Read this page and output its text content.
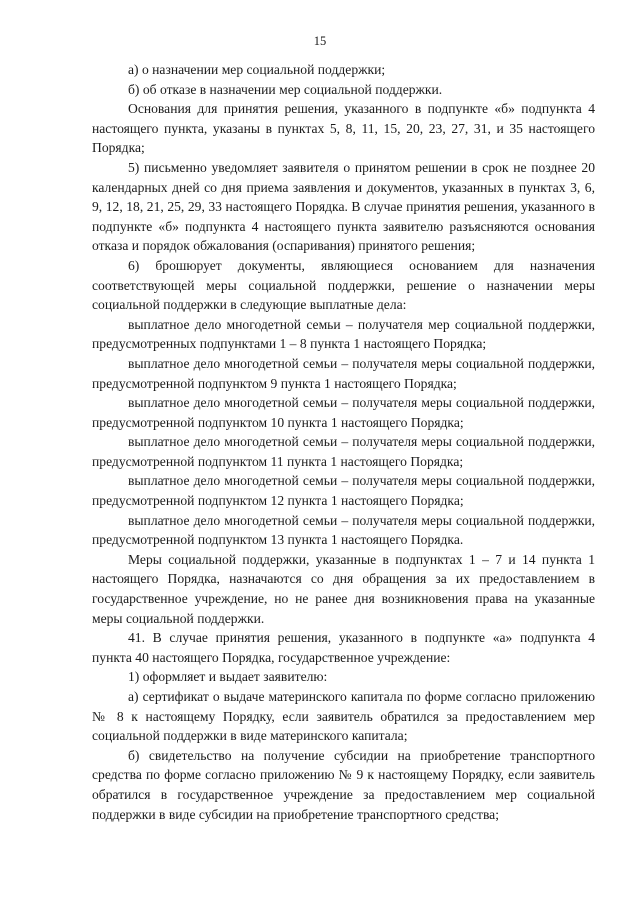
15

а) о назначении мер социальной поддержки;

б) об отказе в назначении мер социальной поддержки.

Основания для принятия решения, указанного в подпункте «б» подпункта 4 настоящего пункта, указаны в пунктах 5, 8, 11, 15, 20, 23, 27, 31, и 35 настоящего Порядка;

5) письменно уведомляет заявителя о принятом решении в срок не позднее 20 календарных дней со дня приема заявления и документов, указанных в пунктах 3, 6, 9, 12, 18, 21, 25, 29, 33 настоящего Порядка. В случае принятия решения, указанного в подпункте «б» подпункта 4 настоящего пункта заявителю разъясняются основания отказа и порядок обжалования (оспаривания) принятого решения;

6) брошюрует документы, являющиеся основанием для назначения соответствующей меры социальной поддержки, решение о назначении меры социальной поддержки в следующие выплатные дела:

выплатное дело многодетной семьи – получателя мер социальной поддержки, предусмотренных подпунктами 1 – 8 пункта 1 настоящего Порядка;

выплатное дело многодетной семьи – получателя меры социальной поддержки, предусмотренной подпунктом 9 пункта 1 настоящего Порядка;

выплатное дело многодетной семьи – получателя меры социальной поддержки, предусмотренной подпунктом 10 пункта 1 настоящего Порядка;

выплатное дело многодетной семьи – получателя меры социальной поддержки, предусмотренной подпунктом 11 пункта 1 настоящего Порядка;

выплатное дело многодетной семьи – получателя меры социальной поддержки, предусмотренной подпунктом 12 пункта 1 настоящего Порядка;

выплатное дело многодетной семьи – получателя меры социальной поддержки, предусмотренной подпунктом 13 пункта 1 настоящего Порядка.

Меры социальной поддержки, указанные в подпунктах 1 – 7 и 14 пункта 1 настоящего Порядка, назначаются со дня обращения за их предоставлением в государственное учреждение, но не ранее дня возникновения права на указанные меры социальной поддержки.

41. В случае принятия решения, указанного в подпункте «а» подпункта 4 пункта 40 настоящего Порядка, государственное учреждение:

1) оформляет и выдает заявителю:

а) сертификат о выдаче материнского капитала по форме согласно приложению № 8 к настоящему Порядку, если заявитель обратился за предоставлением мер социальной поддержки в виде материнского капитала;

б) свидетельство на получение субсидии на приобретение транспортного средства по форме согласно приложению № 9 к настоящему Порядку, если заявитель обратился в государственное учреждение за предоставлением мер социальной поддержки в виде субсидии на приобретение транспортного средства;
